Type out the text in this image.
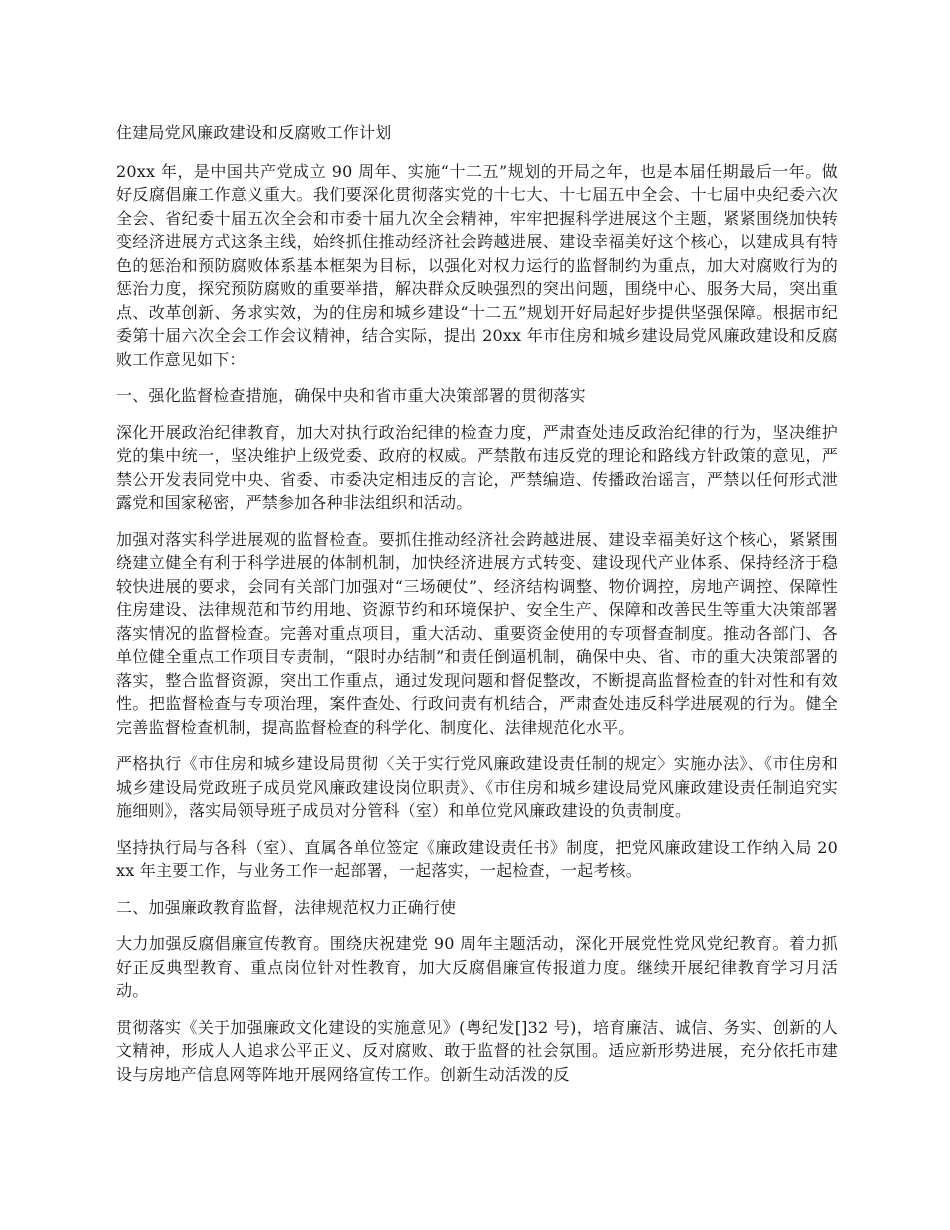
住建局党风廉政建设和反腐败工作计划

20xx 年，是中国共产党成立 90 周年、实施“十二五”规划的开局之年，也是本届任期最后一年。做好反腐倡廉工作意义重大。我们要深化贯彻落实党的十七大、十七届五中全会、十七届中央纪委六次全会、省纪委十届五次全会和市委十届九次全会精神，牢牢把握科学进展这个主题，紧紧围绕加快转变经济进展方式这条主线，始终抓住推动经济社会跨越进展、建设幸福美好这个核心，以建成具有特色的惩治和预防腐败体系基本框架为目标，以强化对权力运行的监督制约为重点，加大对腐败行为的惩治力度，探究预防腐败的重要举措，解决群众反映强烈的突出问题，围绕中心、服务大局，突出重点、改革创新、务求实效，为的住房和城乡建设“十二五”规划开好局起好步提供坚强保障。根据市纪委第十届六次全会工作会议精神，结合实际，提出 20xx 年市住房和城乡建设局党风廉政建设和反腐败工作意见如下：

一、强化监督检查措施，确保中央和省市重大决策部署的贯彻落实

深化开展政治纪律教育，加大对执行政治纪律的检查力度，严肃查处违反政治纪律的行为，坚决维护党的集中统一，坚决维护上级党委、政府的权威。严禁散布违反党的理论和路线方针政策的意见，严禁公开发表同党中央、省委、市委决定相违反的言论，严禁编造、传播政治谣言，严禁以任何形式泄露党和国家秘密，严禁参加各种非法组织和活动。

加强对落实科学进展观的监督检查。要抓住推动经济社会跨越进展、建设幸福美好这个核心，紧紧围绕建立健全有利于科学进展的体制机制，加快经济进展方式转变、建设现代产业体系、保持经济于稳较快进展的要求，会同有关部门加强对“三场硬仗”、经济结构调整、物价调控，房地产调控、保障性住房建设、法律规范和节约用地、资源节约和环境保护、安全生产、保障和改善民生等重大决策部署落实情况的监督检查。完善对重点项目，重大活动、重要资金使用的专项督查制度。推动各部门、各单位健全重点工作项目专责制，“限时办结制”和责任倒逼机制，确保中央、省、市的重大决策部署的落实，整合监督资源，突出工作重点，通过发现问题和督促整改，不断提高监督检查的针对性和有效性。把监督检查与专项治理，案件查处、行政问责有机结合，严肃查处违反科学进展观的行为。健全完善监督检查机制，提高监督检查的科学化、制度化、法律规范化水平。

严格执行《市住房和城乡建设局贯彻〈关于实行党风廉政建设责任制的规定〉实施办法》、《市住房和城乡建设局党政班子成员党风廉政建设岗位职责》、《市住房和城乡建设局党风廉政建设责任制追究实施细则》，落实局领导班子成员对分管科（室）和单位党风廉政建设的负责制度。

坚持执行局与各科（室）、直属各单位签定《廉政建设责任书》制度，把党风廉政建设工作纳入局 20xx 年主要工作，与业务工作一起部署，一起落实，一起检查，一起考核。

二、加强廉政教育监督，法律规范权力正确行使

大力加强反腐倡廉宣传教育。围绕庆祝建党 90 周年主题活动，深化开展党性党风党纪教育。着力抓好正反典型教育、重点岗位针对性教育，加大反腐倡廉宣传报道力度。继续开展纪律教育学习月活动。

贯彻落实《关于加强廉政文化建设的实施意见》(粤纪发[]32 号)，培育廉洁、诚信、务实、创新的人文精神，形成人人追求公平正义、反对腐败、敢于监督的社会氛围。适应新形势进展，充分依托市建设与房地产信息网等阵地开展网络宣传工作。创新生动活泼的反
